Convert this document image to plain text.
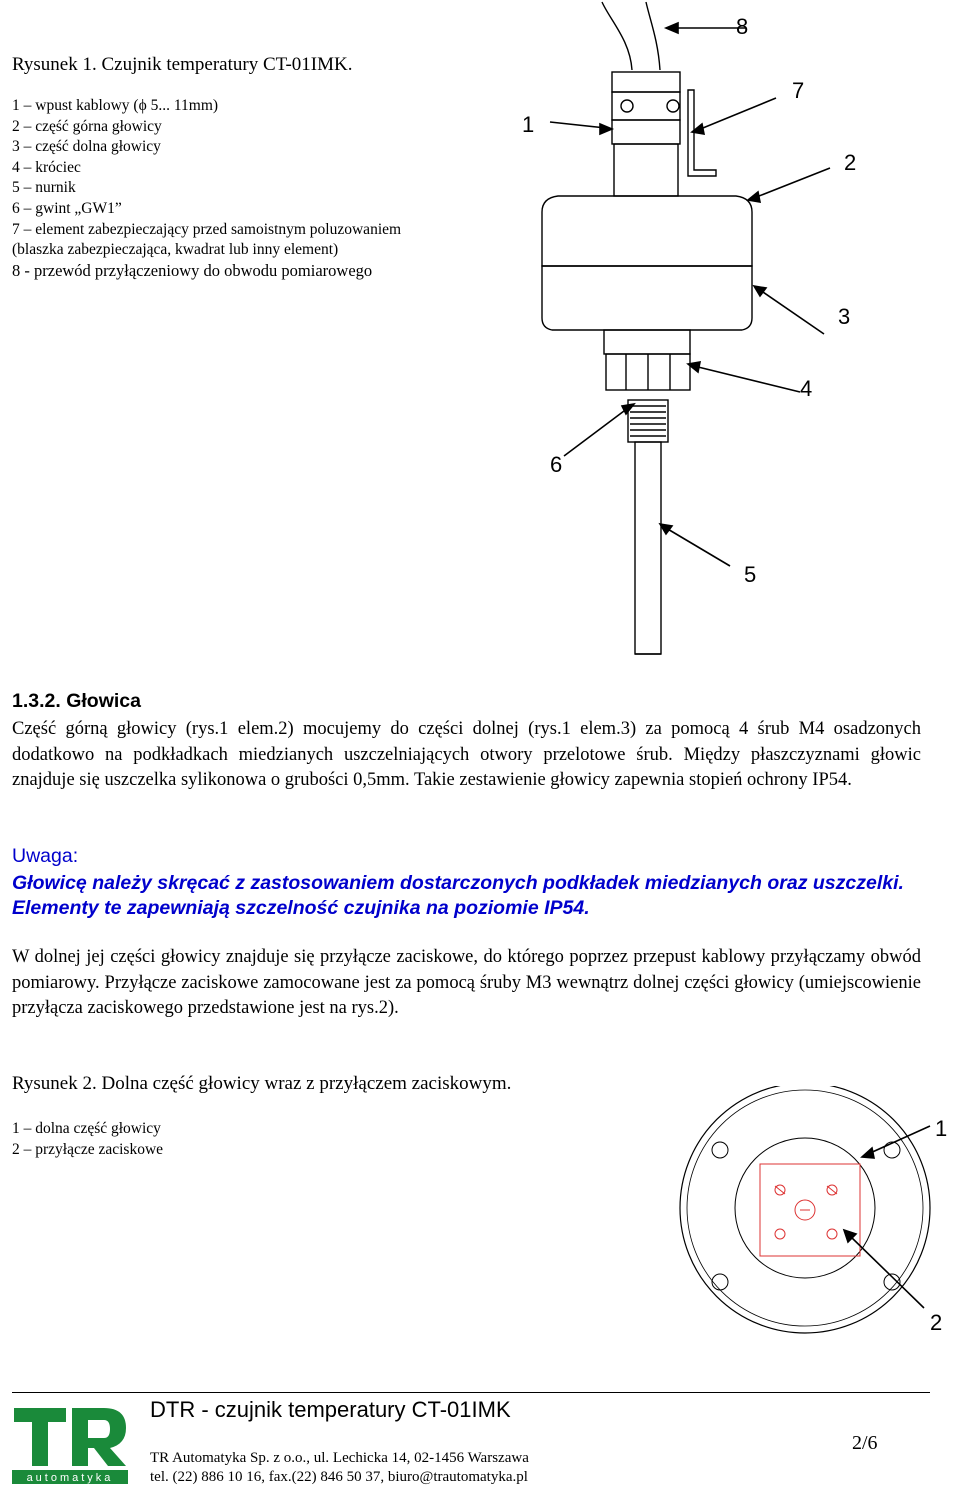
Rysunek 1. Czujnik temperatury CT-01IMK.
1 – wpust kablowy (ϕ 5... 11mm)
2 – część górna głowicy
3 – część dolna głowicy
4 – króciec
5 – nurnik
6 – gwint „GW1”
7 – element zabezpieczający przed samoistnym poluzowaniem
(blaszka zabezpieczająca, kwadrat lub inny element)
8 - przewód przyłączeniowy do obwodu pomiarowego
8
7
1
2
3
4
6
5
1.3.2. Głowica
Część górną głowicy (rys.1 elem.2) mocujemy do części dolnej (rys.1 elem.3) za pomocą 4 śrub M4 osadzonych dodatkowo na podkładkach miedzianych uszczelniających otwory przelotowe śrub. Między płaszczyznami głowic znajduje się uszczelka sylikonowa o grubości 0,5mm. Takie zestawienie głowicy zapewnia stopień ochrony IP54.
Uwaga:
Głowicę należy skręcać z zastosowaniem dostarczonych podkładek miedzianych oraz uszczelki. Elementy te zapewniają szczelność czujnika na poziomie IP54.
W dolnej jej części głowicy znajduje się przyłącze zaciskowe, do którego poprzez przepust kablowy przyłączamy obwód pomiarowy. Przyłącze zaciskowe zamocowane jest za pomocą śruby M3 wewnątrz dolnej części głowicy (umiejscowienie przyłącza zaciskowego przedstawione jest na rys.2).
Rysunek 2. Dolna część głowicy wraz z przyłączem zaciskowym.
1 – dolna część głowicy
2 – przyłącze zaciskowe
1
2
automatyka
DTR - czujnik temperatury CT-01IMK
2/6
TR Automatyka Sp. z o.o., ul. Lechicka 14, 02-1456 Warszawa
tel. (22) 886 10 16, fax.(22) 846 50 37, biuro@trautomatyka.pl
